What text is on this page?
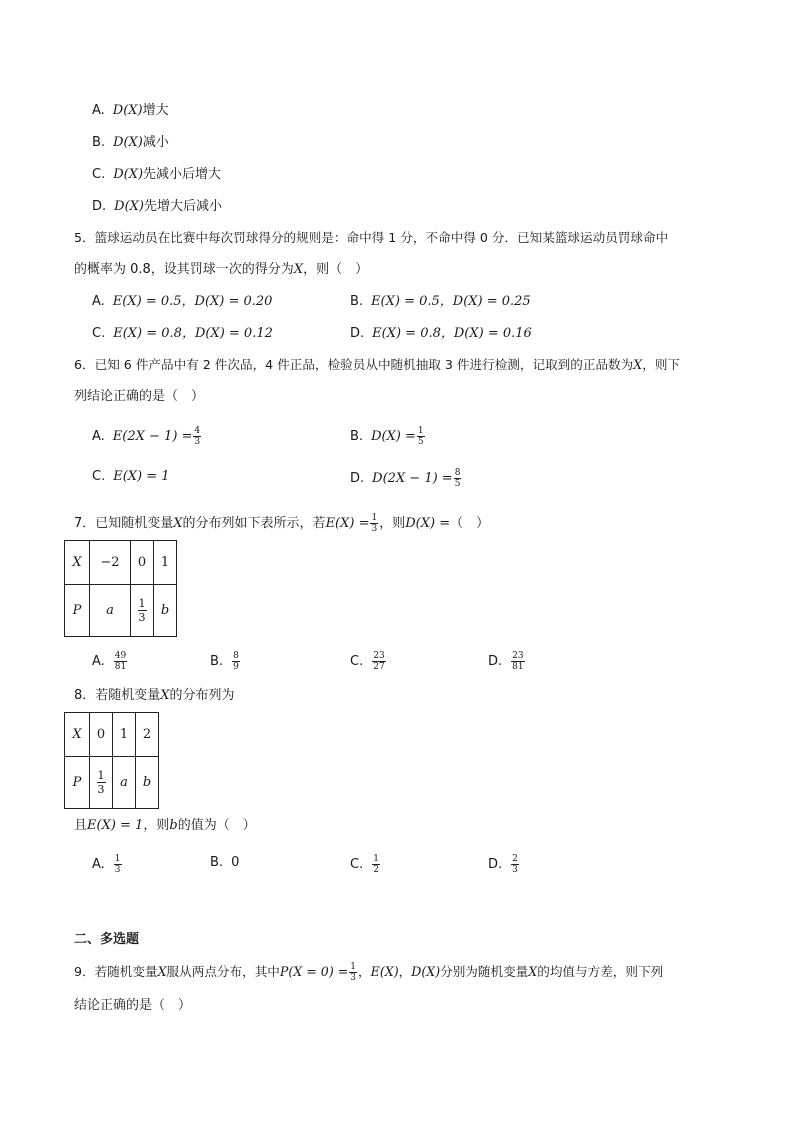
A. D(X)增大
B. D(X)减小
C. D(X)先减小后增大
D. D(X)先增大后减小
5．篮球运动员在比赛中每次罚球得分的规则是：命中得 1 分，不命中得 0 分．已知某篮球运动员罚球命中
的概率为 0.8，设其罚球一次的得分为X，则（　）
A. E(X) = 0.5，D(X) = 0.20	B. E(X) = 0.5，D(X) = 0.25
C. E(X) = 0.8，D(X) = 0.12	D. E(X) = 0.8，D(X) = 0.16
6．已知 6 件产品中有 2 件次品，4 件正品，检验员从中随机抽取 3 件进行检测，记取到的正品数为X，则下
列结论正确的是（　）
A. $E(2X - 1) = \frac{4}{3}$	B. $D(X) = \frac{1}{5}$
C. E(X) = 1	D. $D(2X - 1) = \frac{8}{5}$
7．已知随机变量X的分布列如下表所示，若$E(X) = \frac{1}{3}$ ，则D(X) =（　）
X	−2	0	1
P	a	$\frac{1}{3}$	b
A. $\frac{49}{81}$	B. $\frac{8}{9}$	C. $\frac{23}{27}$	D. $\frac{23}{81}$
8．若随机变量X的分布列为
X	0	1	2
P	$\frac{1}{3}$	a	b
且E(X) = 1，则b的值为（　）
A. $\frac{1}{3}$	B. 0	C. $\frac{1}{2}$	D. $\frac{2}{3}$
二、多选题
9．若随机变量X服从两点分布，其中$P(X = 0) = \frac{1}{3}$ ，E(X)，D(X)分别为随机变量X的均值与方差，则下列
结论正确的是（　）
